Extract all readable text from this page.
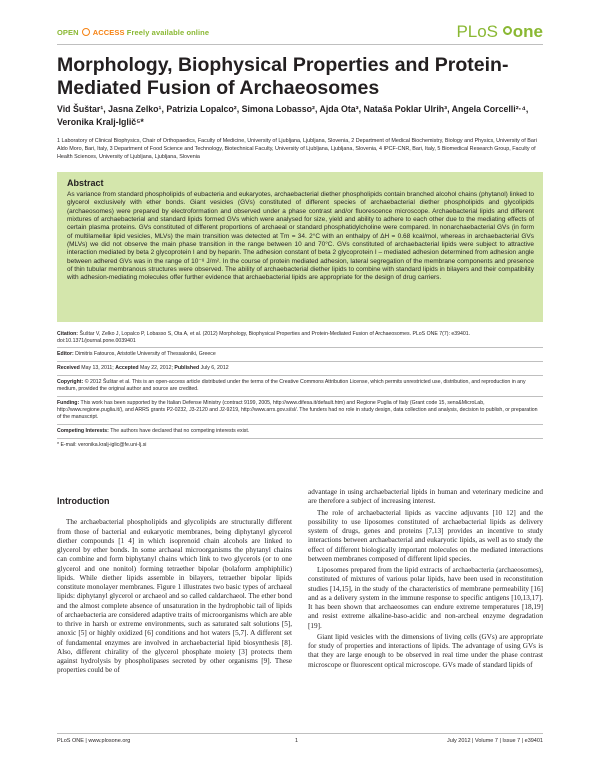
OPEN ACCESS Freely available online	PLoS one
Morphology, Biophysical Properties and Protein-Mediated Fusion of Archaeosomes

Vid Šuštar¹, Jasna Zelko¹, Patrizia Lopalco², Simona Lobasso², Ajda Ota³, Nataša Poklar Ulrih³, Angela Corcelli²·⁴, Veronika Kralj-Iglič⁵*

1 Laboratory of Clinical Biophysics, Chair of Orthopaedics, Faculty of Medicine, University of Ljubljana, Ljubljana, Slovenia, 2 Department of Medical Biochemistry, Biology and Physics, University of Bari Aldo Moro, Bari, Italy, 3 Department of Food Science and Technology, Biotechnical Faculty, University of Ljubljana, Ljubljana, Slovenia, 4 IPCF-CNR, Bari, Italy, 5 Biomedical Research Group, Faculty of Health Sciences, University of Ljubljana, Ljubljana, Slovenia

Abstract

As variance from standard phospholipids of eubacteria and eukaryotes, archaebacterial diether phospholipids contain branched alcohol chains (phytanol) linked to glycerol exclusively with ether bonds. Giant vesicles (GVs) constituted of different species of archaebacterial diether phospholipids and glycolipids (archaeosomes) were prepared by electroformation and observed under a phase contrast and/or fluorescence microscope. Archaebacterial lipids and different mixtures of archaebacterial and standard lipids formed GVs which were analysed for size, yield and ability to adhere to each other due to the mediating effects of certain plasma proteins. GVs constituted of different proportions of archaeal or standard phosphatidylcholine were compared. In nonarchaebacterial GVs (in form of multilamellar lipid vesicles, MLVs) the main transition was detected at Tm = 34. 2°C with an enthalpy of ΔH = 0.68 kcal/mol, whereas in archaebacterial GVs (MLVs) we did not observe the main phase transition in the range between 10 and 70°C. GVs constituted of archaebacterial lipids were subject to attractive interaction mediated by beta 2 glycoprotein I and by heparin. The adhesion constant of beta 2 glycoprotein I – mediated adhesion determined from adhesion angle between adhered GVs was in the range of 10⁻⁸ J/m². In the course of protein mediated adhesion, lateral segregation of the membrane components and presence of thin tubular membranous structures were observed. The ability of archaebacterial diether lipids to combine with standard lipids in bilayers and their compatibility with adhesion-mediating molecules offer further evidence that archaebacterial lipids are appropriate for the design of drug carriers.

Citation: Šuštar V, Zelko J, Lopalco P, Lobasso S, Ota A, et al. (2012) Morphology, Biophysical Properties and Protein-Mediated Fusion of Archaeosomes. PLoS ONE 7(7): e39401. doi:10.1371/journal.pone.0039401

Editor: Dimitris Fatouros, Aristotle University of Thessaloniki, Greece

Received May 13, 2011; Accepted May 22, 2012; Published July 6, 2012

Copyright: © 2012 Šuštar et al. This is an open-access article distributed under the terms of the Creative Commons Attribution License, which permits unrestricted use, distribution, and reproduction in any medium, provided the original author and source are credited.

Funding: This work has been supported by the Italian Defense Ministry (contract 9199, 2005, http://www.difesa.it/default.htm) and Regione Puglia of Italy (Grant code 15, sens&MicroLab, http://www.regione.puglia.it/), and ARRS grants P2-0232, J3-2120 and J2-9219, http://www.arrs.gov.si/sl/. The funders had no role in study design, data collection and analysis, decision to publish, or preparation of the manuscript.

Competing Interests: The authors have declared that no competing interests exist.

* E-mail: veronika.kralj-iglic@fe.uni-lj.si

Introduction

The archaebacterial phospholipids and glycolipids are structurally different from those of bacterial and eukaryotic membranes, being diphytanyl glycerol diether compounds [1 4] in which isoprenoid chain alcohols are linked to glycerol by ether bonds. In some archaeal microorganisms the phytanyl chains can combine and form biphytanyl chains which link to two glycerols (or to one glycerol and one nonitol) forming tetraether bipolar (bolaform amphiphilic) lipids. While diether lipids assemble in bilayers, tetraether bipolar lipids constitute monolayer membranes. Figure 1 illustrates two basic types of archaeal lipids: diphytanyl glycerol or archaeol and so called caldarchaeol. The ether bond and the almost complete absence of unsaturation in the hydrophobic tail of lipids of archaebacteria are considered adaptive traits of microorganisms which are able to thrive in harsh or extreme environments, such as saturated salt solutions [5], anoxic [5] or highly oxidized [6] conditions and hot waters [5,7]. A different set of fundamental enzymes are involved in archaebacterial lipid biosynthesis [8]. Also, different chirality of the glycerol phosphate moiety [3] protects them against hydrolysis by phospholipases secreted by other organisms [9]. These properties could be of

advantage in using archaebacterial lipids in human and veterinary medicine and are therefore a subject of increasing interest.

The role of archaebacterial lipids as vaccine adjuvants [10 12] and the possibility to use liposomes constituted of archaebacterial lipids as delivery system of drugs, genes and proteins [7,13] provides an incentive to study interactions between archaebacterial and eukaryotic lipids, as well as to study the effect of different biologically important molecules on the mediated interactions between membranes composed of different lipid species.

Liposomes prepared from the lipid extracts of archaebacteria (archaeosomes), constituted of mixtures of various polar lipids, have been used in reconstitution studies [14,15], in the study of the characteristics of membrane permeability [16] and as a delivery system in the immune response to specific antigens [10,13,17]. It has been shown that archaeosomes can endure extreme temperatures [18,19] and resist extreme alkaline-baso-acidic and non-archeal enzyme degradation [19].

Giant lipid vesicles with the dimensions of living cells (GVs) are appropriate for study of properties and interactions of lipids. The advantage of using GVs is that they are large enough to be observed in real time under the phase contrast microscope or fluorescent optical microscope. GVs made of standard lipids of

PLoS ONE | www.plosone.org	1	July 2012 | Volume 7 | Issue 7 | e39401
